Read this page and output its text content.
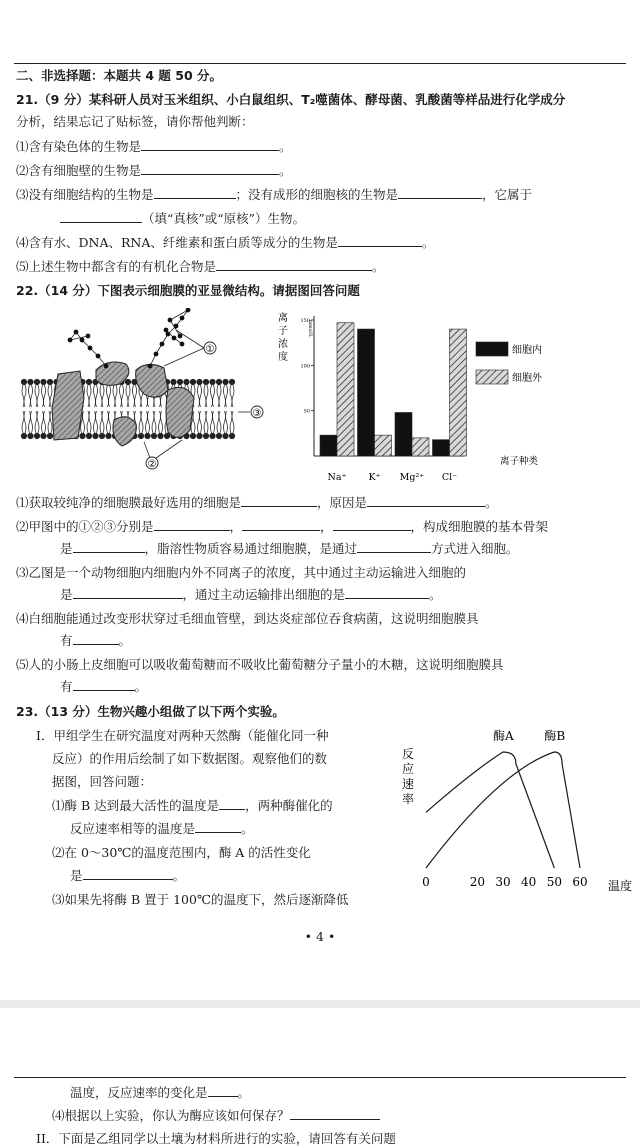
二、非选择题：本题共 4 题 50 分。
21.（9 分）某科研人员对玉米组织、小白鼠组织、T₂噬菌体、酵母菌、乳酸菌等样品进行化学成分
分析，结果忘记了贴标签，请你帮他判断：
⑴含有染色体的生物是	。
⑵含有细胞壁的生物是	。
⑶没有细胞结构的生物是	；没有成形的细胞核的生物是	，它属于
（填“真核”或“原核”）生物。
⑷含有水、DNA、RNA、纤维素和蛋白质等成分的生物是	。
⑸上述生物中都含有的有机化合物是	。
22.（14 分）下图表示细胞膜的亚显微结构。请据图回答问题
①
②
③
离子浓度
mmol/L
50
100
150
Na⁺ K⁺ Mg²⁺ Cl⁻
细胞内
细胞外
离子种类
⑴获取较纯净的细胞膜最好选用的细胞是	，原因是	。
⑵甲图中的①②③分别是	，	，	，构成细胞膜的基本骨架
是	，脂溶性物质容易通过细胞膜，是通过	方式进入细胞。
⑶乙图是一个动物细胞内细胞内外不同离子的浓度，其中通过主动运输进入细胞的
是	，通过主动运输排出细胞的是	。
⑷白细胞能通过改变形状穿过毛细血管壁，到达炎症部位吞食病菌，这说明细胞膜具
有	。
⑸人的小肠上皮细胞可以吸收葡萄糖而不吸收比葡萄糖分子量小的木糖，这说明细胞膜具
有	。
23.（13 分）生物兴趣小组做了以下两个实验。
I．甲组学生在研究温度对两种天然酶（能催化同一种
反应）的作用后绘制了如下数据图。观察他们的数
据图，回答问题：
⑴酶 B 达到最大活性的温度是 ，两种酶催化的
反应速率相等的温度是	。
⑵在 0～30℃的温度范围内，酶 A 的活性变化
是	。
⑶如果先将酶 B 置于 100℃的温度下，然后逐渐降低
反应速率
酶A	酶B
0	20 30 40 50 60 温度
• 4 •
温度，反应速率的变化是 。
⑷根据以上实验，你认为酶应该如何保存？
II．下面是乙组同学以土壤为材料所进行的实验，请回答有关问题
